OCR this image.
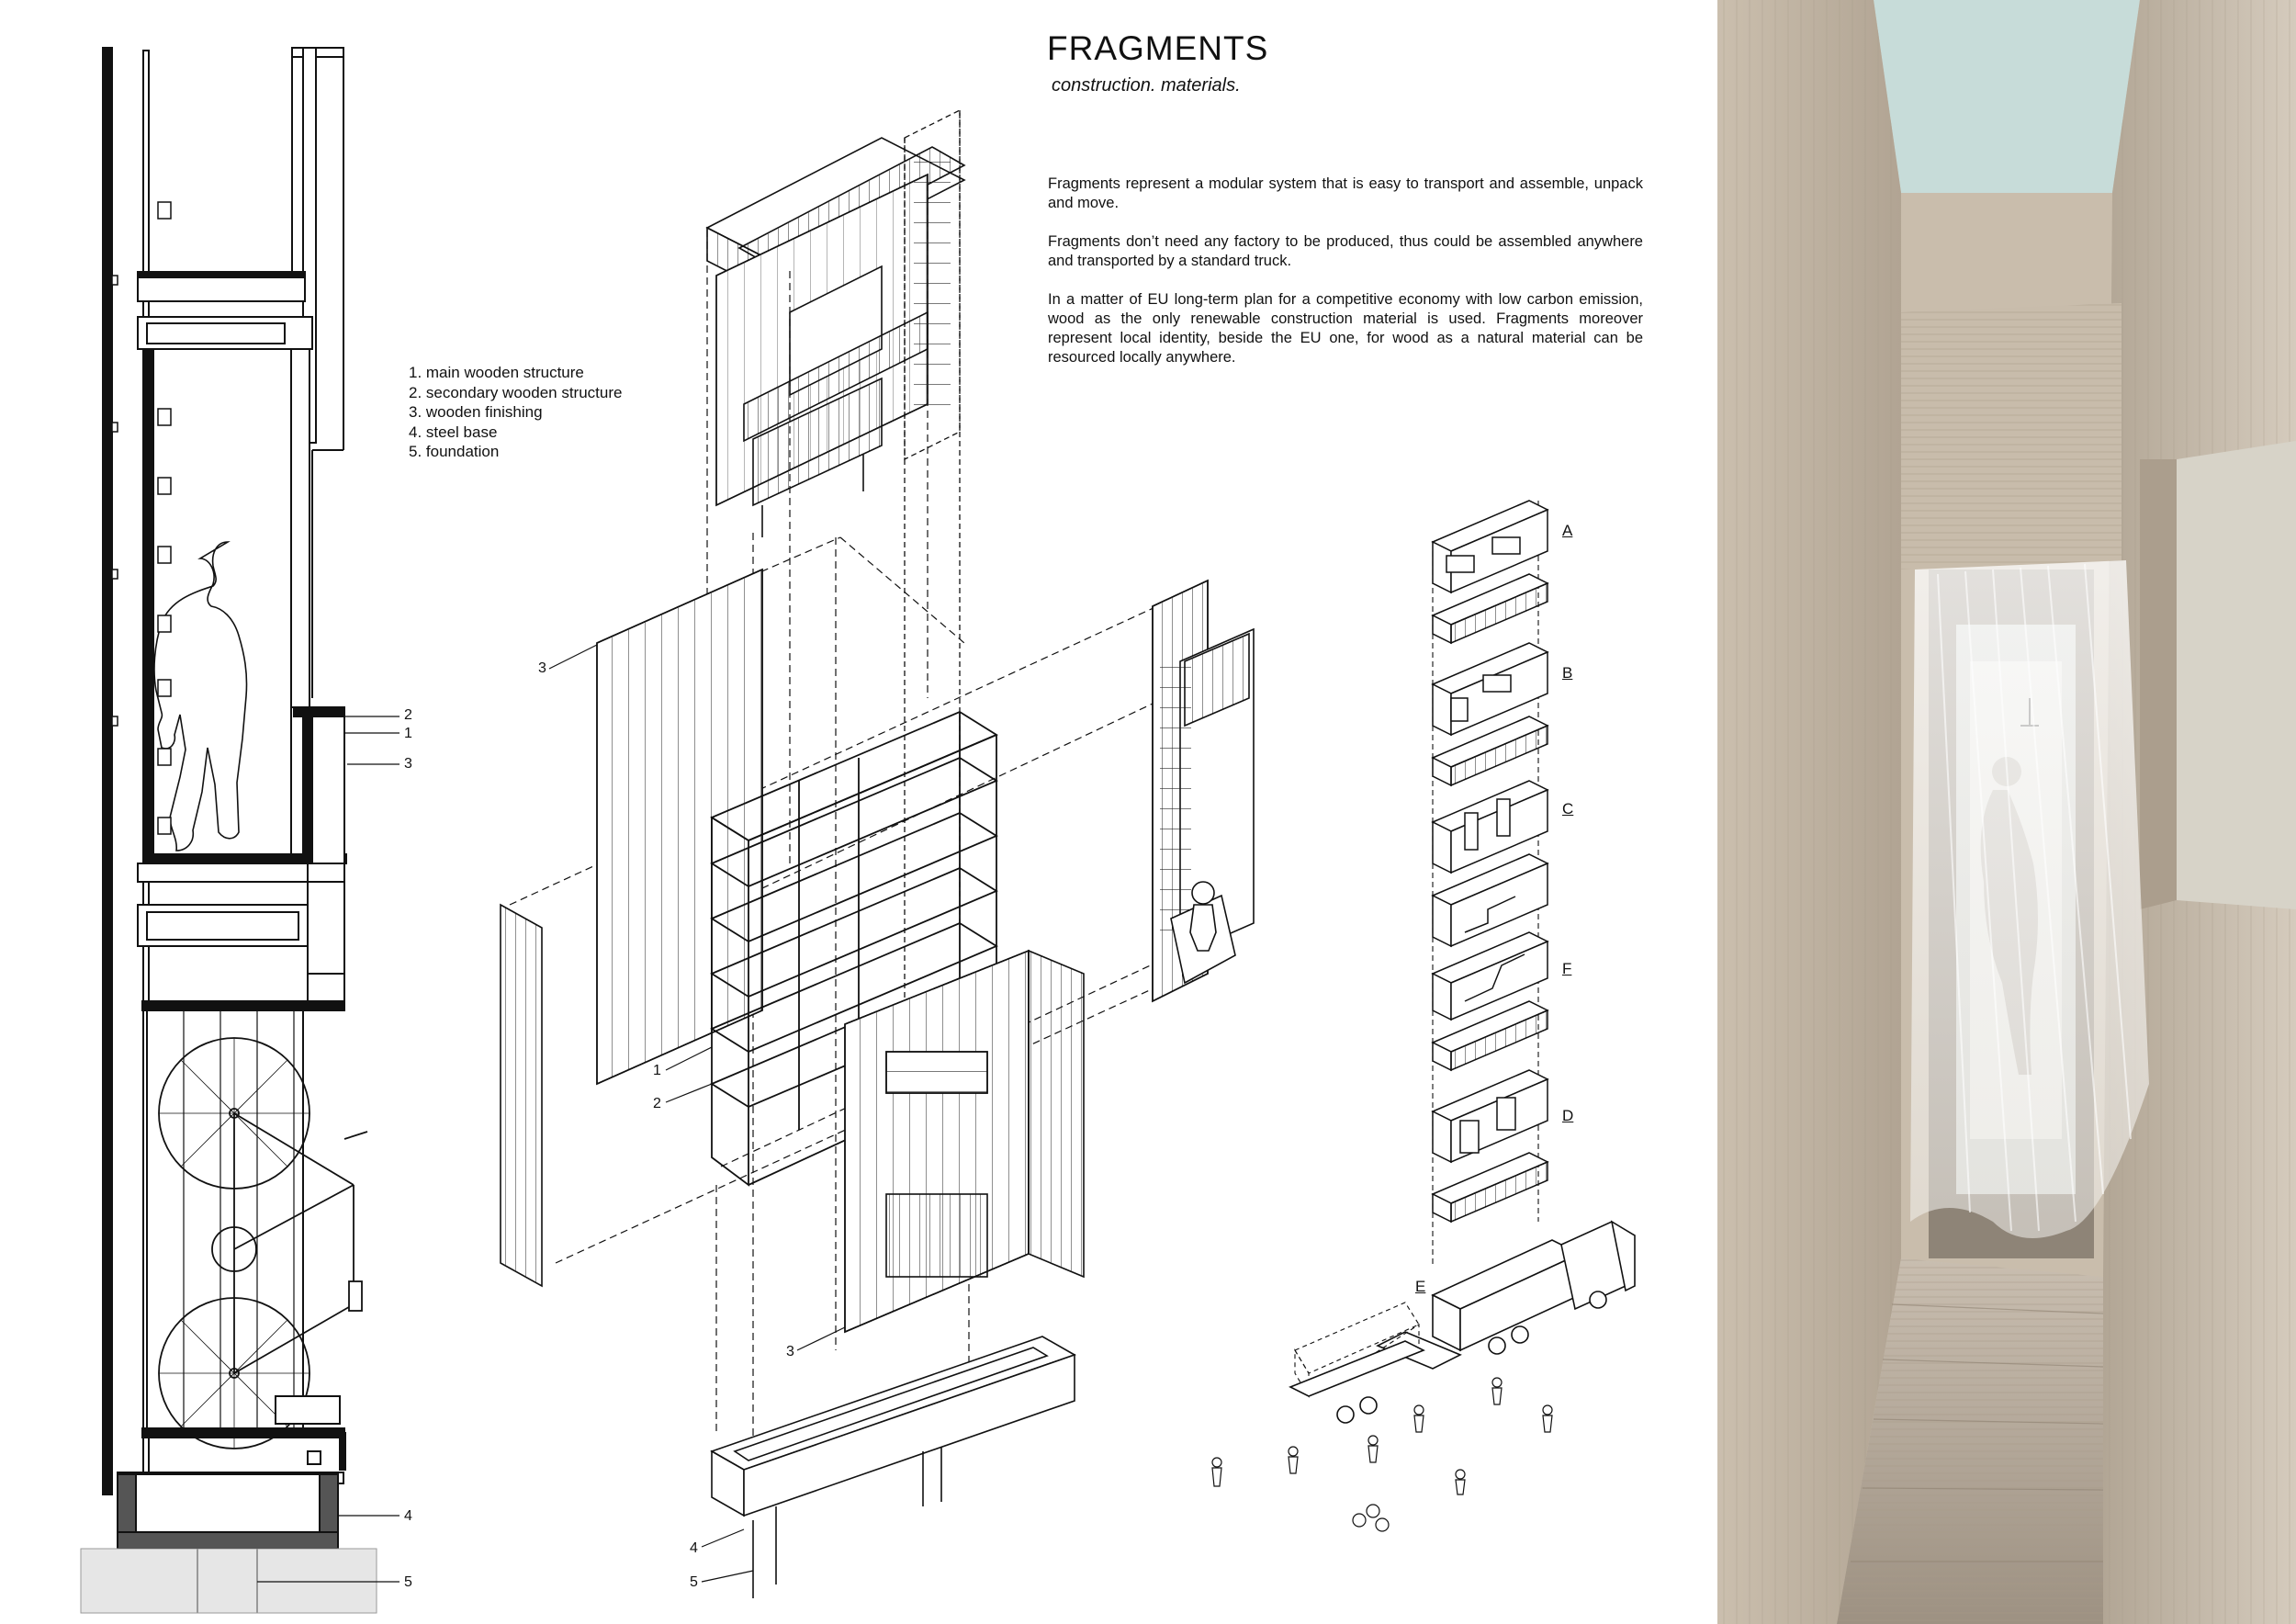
FRAGMENTS
construction. materials.

Fragments represent a modular system that is easy to transport and assemble, unpack and move.

Fragments don’t need any factory to be produced, thus could be assembled anywhere and transported by a standard truck.

In a matter of EU long-term plan for a competitive economy with low carbon emission, wood as the only renewable construction material is used. Fragments moreover represent local identity, beside the EU one, for wood as a natural material can be resourced locally anywhere.

1. main wooden structure
2. secondary wooden structure
3. wooden finishing
4. steel base
5. foundation
2
1
3
4
5
3
1
2
3
4
5
A
B
C
F
D
E
